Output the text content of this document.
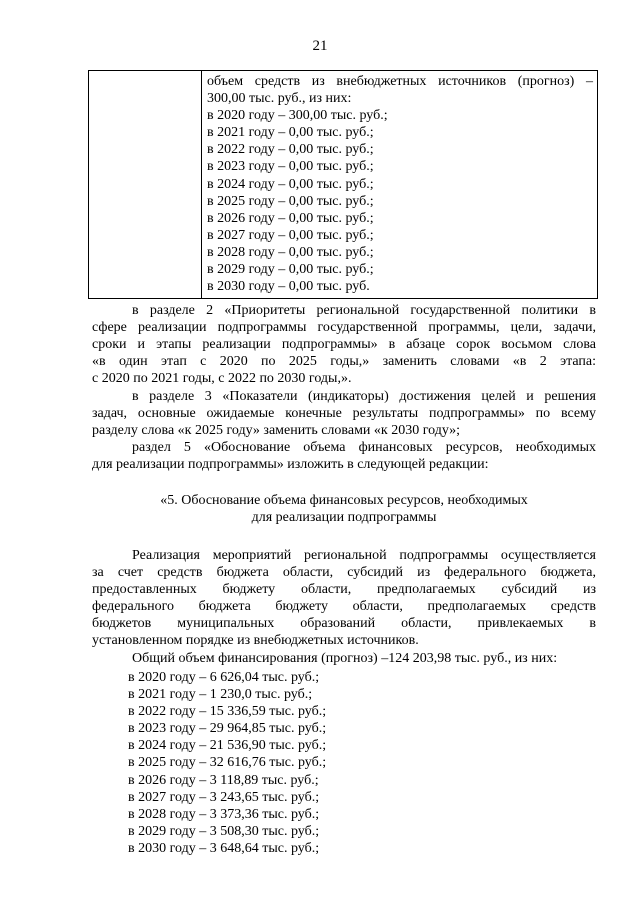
21
объем средств из внебюджетных источников (прогноз) –
300,00 тыс. руб., из них:
в 2020 году – 300,00 тыс. руб.;
в 2021 году – 0,00 тыс. руб.;
в 2022 году – 0,00 тыс. руб.;
в 2023 году – 0,00 тыс. руб.;
в 2024 году – 0,00 тыс. руб.;
в 2025 году – 0,00 тыс. руб.;
в 2026 году – 0,00 тыс. руб.;
в 2027 году – 0,00 тыс. руб.;
в 2028 году – 0,00 тыс. руб.;
в 2029 году – 0,00 тыс. руб.;
в 2030 году – 0,00 тыс. руб.
в разделе 2 «Приоритеты региональной государственной политики в
сфере реализации подпрограммы государственной программы, цели, задачи,
сроки и этапы реализации подпрограммы» в абзаце сорок восьмом слова
«в один этап с 2020 по 2025 годы,» заменить словами «в 2 этапа:
с 2020 по 2021 годы, с 2022 по 2030 годы,».
в разделе 3 «Показатели (индикаторы) достижения целей и решения
задач, основные ожидаемые конечные результаты подпрограммы» по всему
разделу слова «к 2025 году» заменить словами «к 2030 году»;
раздел 5 «Обоснование объема финансовых ресурсов, необходимых
для реализации подпрограммы» изложить в следующей редакции:
«5. Обоснование объема финансовых ресурсов, необходимых
для реализации подпрограммы
Реализация мероприятий региональной подпрограммы осуществляется
за счет средств бюджета области, субсидий из федерального бюджета,
предоставленных бюджету области, предполагаемых субсидий из
федерального бюджета бюджету области, предполагаемых средств
бюджетов муниципальных образований области, привлекаемых в
установленном порядке из внебюджетных источников.
Общий объем финансирования (прогноз) –124 203,98 тыс. руб., из них:
в 2020 году – 6 626,04 тыс. руб.;
в 2021 году – 1 230,0 тыс. руб.;
в 2022 году – 15 336,59 тыс. руб.;
в 2023 году – 29 964,85 тыс. руб.;
в 2024 году – 21 536,90 тыс. руб.;
в 2025 году – 32 616,76 тыс. руб.;
в 2026 году – 3 118,89 тыс. руб.;
в 2027 году – 3 243,65 тыс. руб.;
в 2028 году – 3 373,36 тыс. руб.;
в 2029 году – 3 508,30 тыс. руб.;
в 2030 году – 3 648,64 тыс. руб.;
